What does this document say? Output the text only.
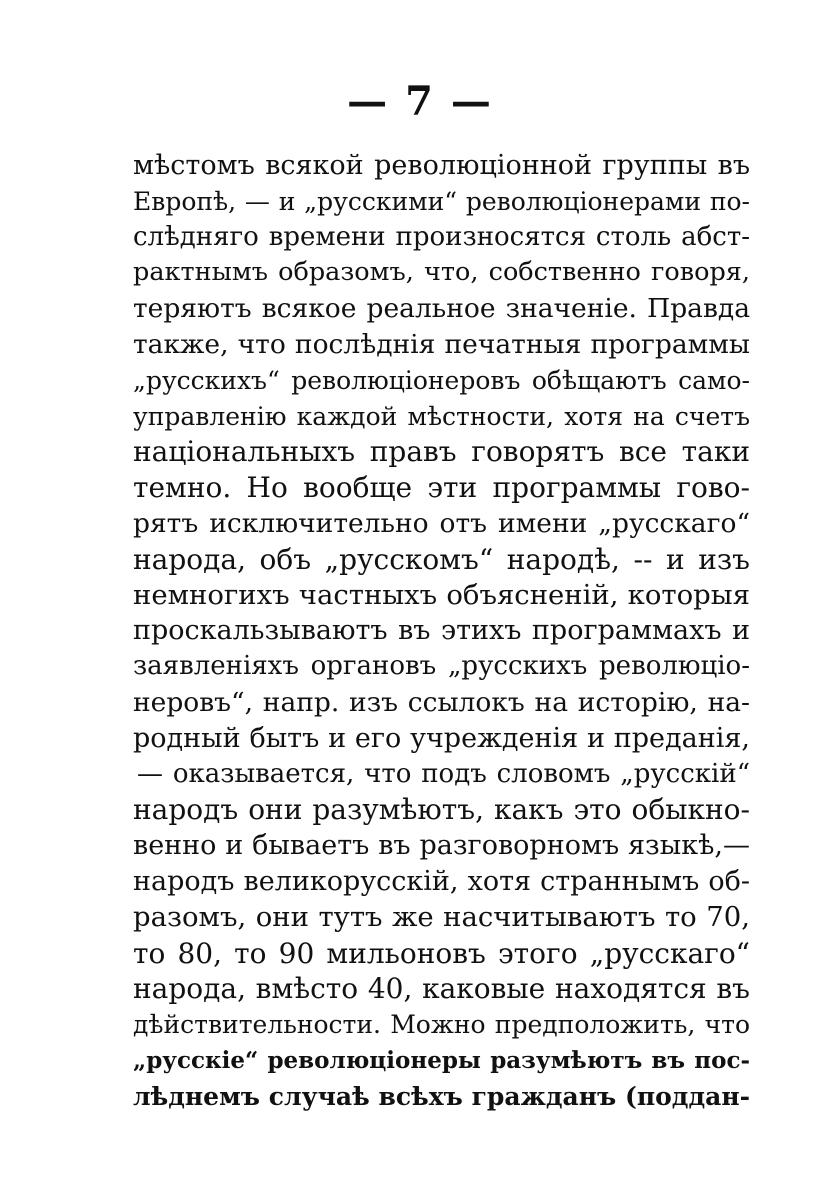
— 7 —
мѣстомъ всякой революціонной группы въ
Европѣ, — и „русскими“ революціонерами по-
слѣдняго времени произносятся столь абст-
рактнымъ образомъ, что, собственно говоря,
теряютъ всякое реальное значеніе. Правда
также, что послѣднія печатныя программы
„русскихъ“ революціонеровъ обѣщаютъ само-
управленію каждой мѣстности, хотя на счетъ
національныхъ правъ говорятъ все таки
темно. Но вообще эти программы гово-
рятъ исключительно отъ имени „русскаго“
народа, объ „русскомъ“ народѣ, -- и изъ
немногихъ частныхъ объясненій, которыя
проскальзываютъ въ этихъ программахъ и
заявленіяхъ органовъ „русскихъ революціо-
неровъ“, напр. изъ ссылокъ на исторію, на-
родный бытъ и его учрежденія и преданія,
— оказывается, что подъ словомъ „русскій“
народъ они разумѣютъ, какъ это обыкно-
венно и бываетъ въ разговорномъ языкѣ,—
народъ великорусскій, хотя страннымъ об-
разомъ, они тутъ же насчитываютъ то 70,
то 80, то 90 мильоновъ этого „русскаго“
народа, вмѣсто 40, каковые находятся въ
дѣйствительности. Можно предположить, что
„русскіе“ революціонеры разумѣютъ въ пос-
лѣднемъ случаѣ всѣхъ гражданъ (поддан-
